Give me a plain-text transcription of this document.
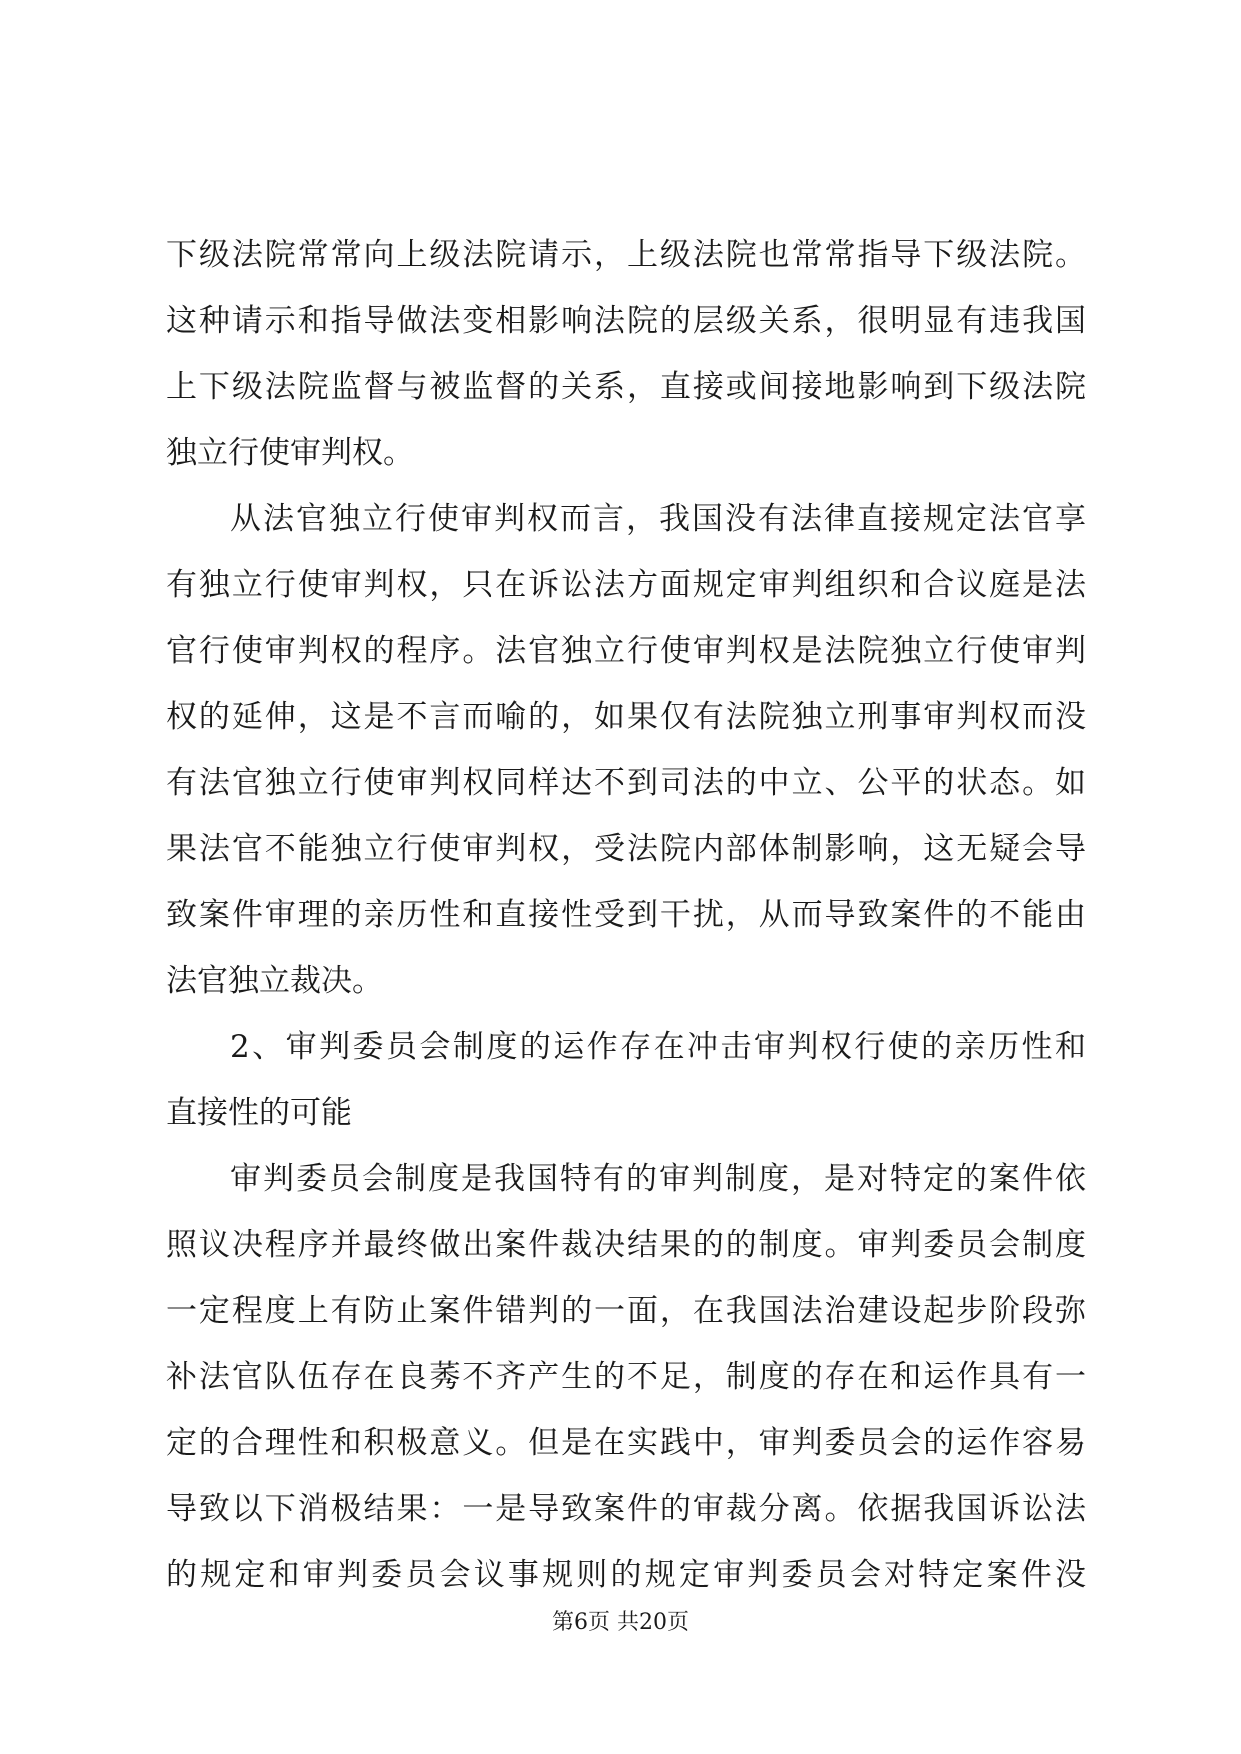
下级法院常常向上级法院请示，上级法院也常常指导下级法院。
这种请示和指导做法变相影响法院的层级关系，很明显有违我国
上下级法院监督与被监督的关系，直接或间接地影响到下级法院
独立行使审判权。
从法官独立行使审判权而言，我国没有法律直接规定法官享
有独立行使审判权，只在诉讼法方面规定审判组织和合议庭是法
官行使审判权的程序。法官独立行使审判权是法院独立行使审判
权的延伸，这是不言而喻的，如果仅有法院独立刑事审判权而没
有法官独立行使审判权同样达不到司法的中立、公平的状态。如
果法官不能独立行使审判权，受法院内部体制影响，这无疑会导
致案件审理的亲历性和直接性受到干扰，从而导致案件的不能由
法官独立裁决。
2、审判委员会制度的运作存在冲击审判权行使的亲历性和
直接性的可能
审判委员会制度是我国特有的审判制度，是对特定的案件依
照议决程序并最终做出案件裁决结果的的制度。审判委员会制度
一定程度上有防止案件错判的一面，在我国法治建设起步阶段弥
补法官队伍存在良莠不齐产生的不足，制度的存在和运作具有一
定的合理性和积极意义。但是在实践中，审判委员会的运作容易
导致以下消极结果：一是导致案件的审裁分离。依据我国诉讼法
的规定和审判委员会议事规则的规定审判委员会对特定案件没
第6页 共20页
